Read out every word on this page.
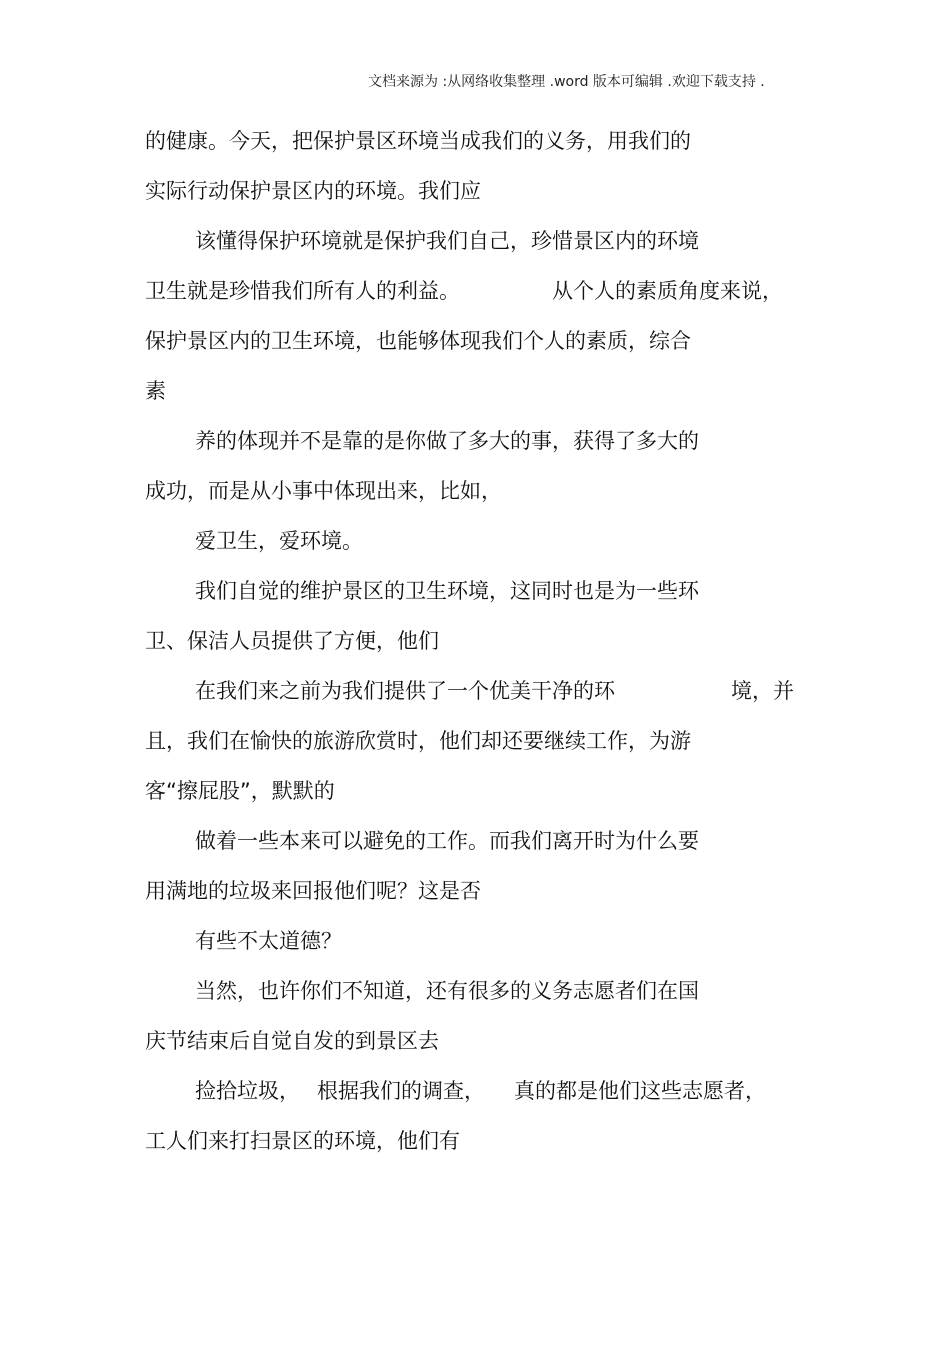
文档来源为 :从网络收集整理 .word 版本可编辑 .欢迎下载支持 .
的健康。今天，把保护景区环境当成我们的义务，用我们的
实际行动保护景区内的环境。我们应
该懂得保护环境就是保护我们自己，珍惜景区内的环境
卫生就是珍惜我们所有人的利益。	从个人的素质角度来说，
保护景区内的卫生环境，也能够体现我们个人的素质，综合
素
养的体现并不是靠的是你做了多大的事，获得了多大的
成功，而是从小事中体现出来，比如，
爱卫生，爱环境。
我们自觉的维护景区的卫生环境，这同时也是为一些环
卫、保洁人员提供了方便，他们
在我们来之前为我们提供了一个优美干净的环	境，并
且，我们在愉快的旅游欣赏时，他们却还要继续工作，为游
客“擦屁股”，默默的
做着一些本来可以避免的工作。而我们离开时为什么要
用满地的垃圾来回报他们呢？这是否
有些不太道德？
当然，也许你们不知道，还有很多的义务志愿者们在国
庆节结束后自觉自发的到景区去
捡拾垃圾， 根据我们的调查， 真的都是他们这些志愿者，
工人们来打扫景区的环境，他们有
